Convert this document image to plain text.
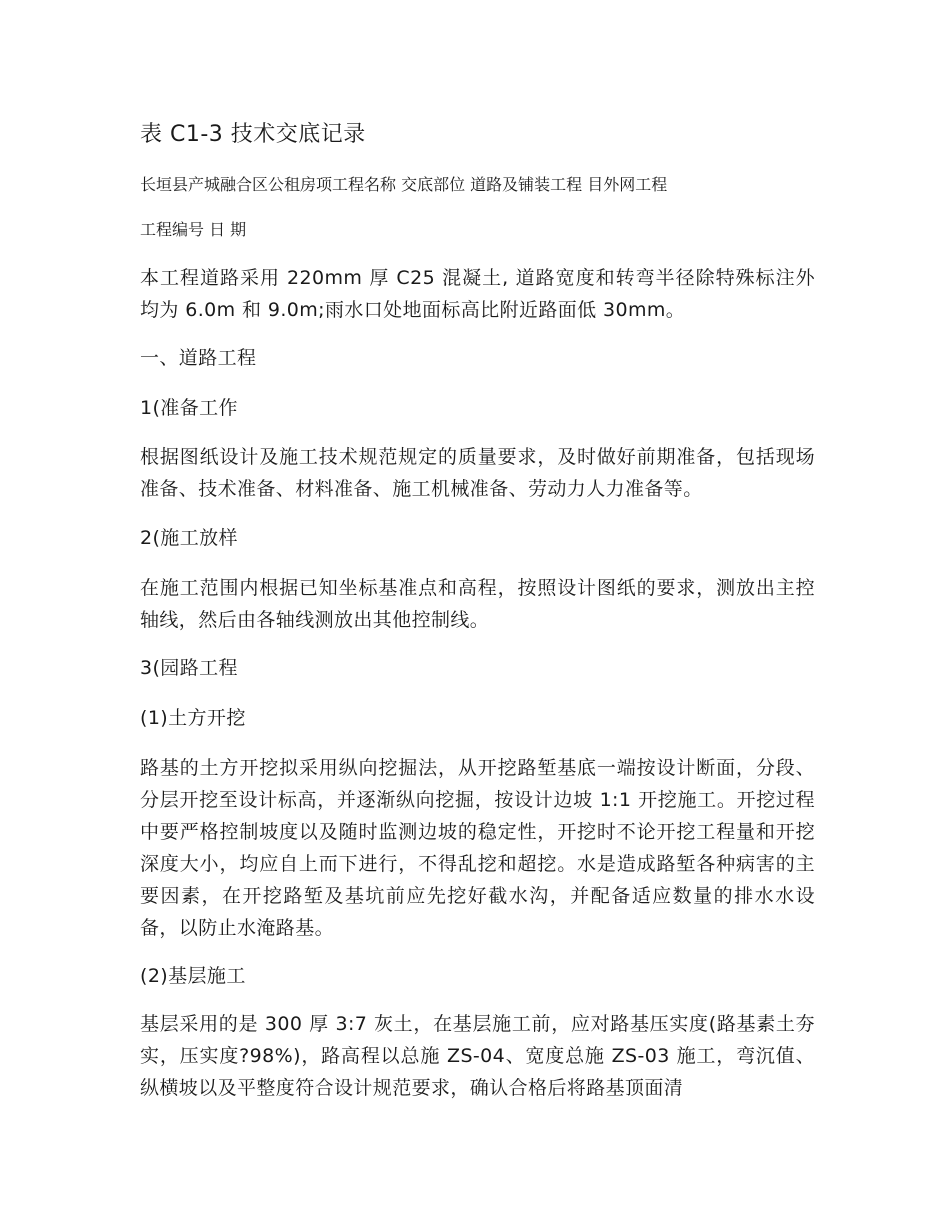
表 C1-3 技术交底记录
长垣县产城融合区公租房项工程名称 交底部位 道路及铺装工程 目外网工程
工程编号 日 期
本工程道路采用 220mm 厚 C25 混凝土, 道路宽度和转弯半径除特殊标注外均为 6.0m 和 9.0m;雨水口处地面标高比附近路面低 30mm。
一、道路工程
1(准备工作
根据图纸设计及施工技术规范规定的质量要求，及时做好前期准备，包括现场准备、技术准备、材料准备、施工机械准备、劳动力人力准备等。
2(施工放样
在施工范围内根据已知坐标基准点和高程，按照设计图纸的要求，测放出主控轴线，然后由各轴线测放出其他控制线。
3(园路工程
(1)土方开挖
路基的土方开挖拟采用纵向挖掘法，从开挖路堑基底一端按设计断面，分段、分层开挖至设计标高，并逐渐纵向挖掘，按设计边坡 1:1 开挖施工。开挖过程中要严格控制坡度以及随时监测边坡的稳定性，开挖时不论开挖工程量和开挖深度大小，均应自上而下进行，不得乱挖和超挖。水是造成路堑各种病害的主要因素，在开挖路堑及基坑前应先挖好截水沟，并配备适应数量的排水水设备，以防止水淹路基。
(2)基层施工
基层采用的是 300 厚 3:7 灰土，在基层施工前，应对路基压实度(路基素土夯实，压实度?98%)，路高程以总施 ZS-04、宽度总施 ZS-03 施工，弯沉值、纵横坡以及平整度符合设计规范要求，确认合格后将路基顶面清
